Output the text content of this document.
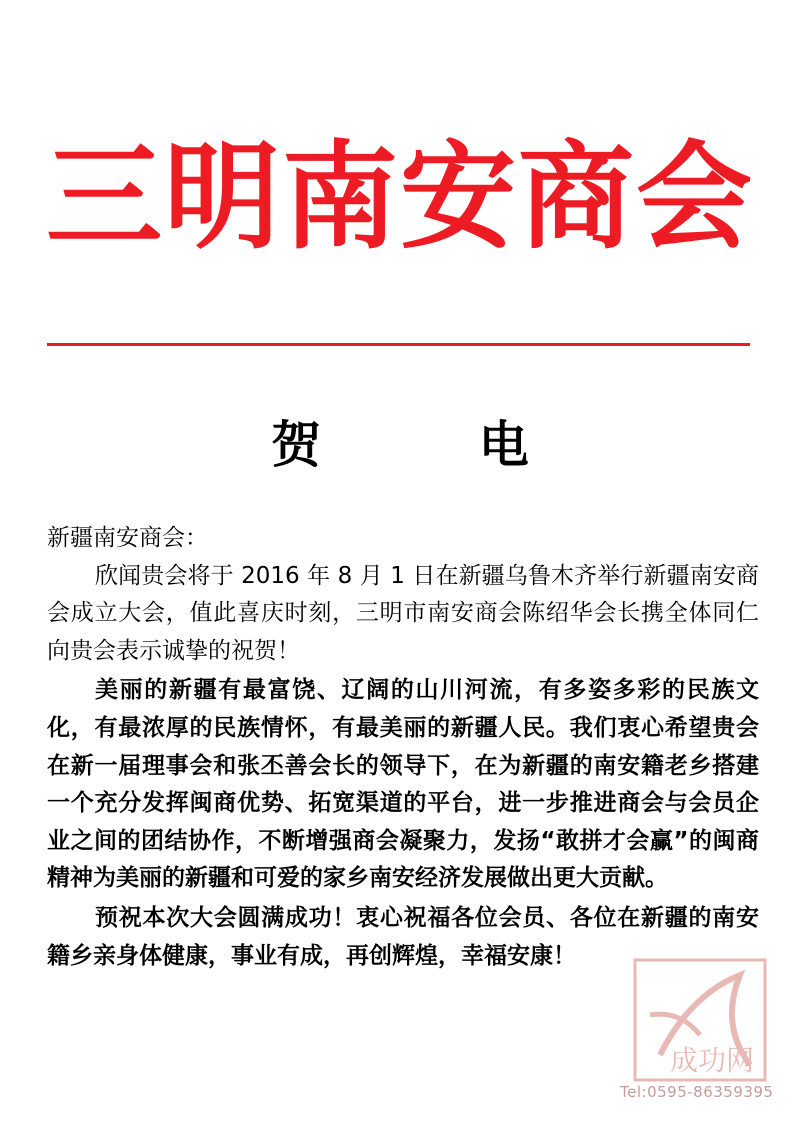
三明南安商会
贺 电

新疆南安商会：

欣闻贵会将于 2016 年 8 月 1 日在新疆乌鲁木齐举行新疆南安商会成立大会，值此喜庆时刻，三明市南安商会陈绍华会长携全体同仁向贵会表示诚挚的祝贺！

美丽的新疆有最富饶、辽阔的山川河流，有多姿多彩的民族文化，有最浓厚的民族情怀，有最美丽的新疆人民。我们衷心希望贵会在新一届理事会和张丕善会长的领导下，在为新疆的南安籍老乡搭建一个充分发挥闽商优势、拓宽渠道的平台，进一步推进商会与会员企业之间的团结协作，不断增强商会凝聚力，发扬“敢拼才会赢”的闽商精神为美丽的新疆和可爱的家乡南安经济发展做出更大贡献。

预祝本次大会圆满成功！衷心祝福各位会员、各位在新疆的南安籍乡亲身体健康，事业有成，再创辉煌，幸福安康！

成功网
Tel:0595-86359395
